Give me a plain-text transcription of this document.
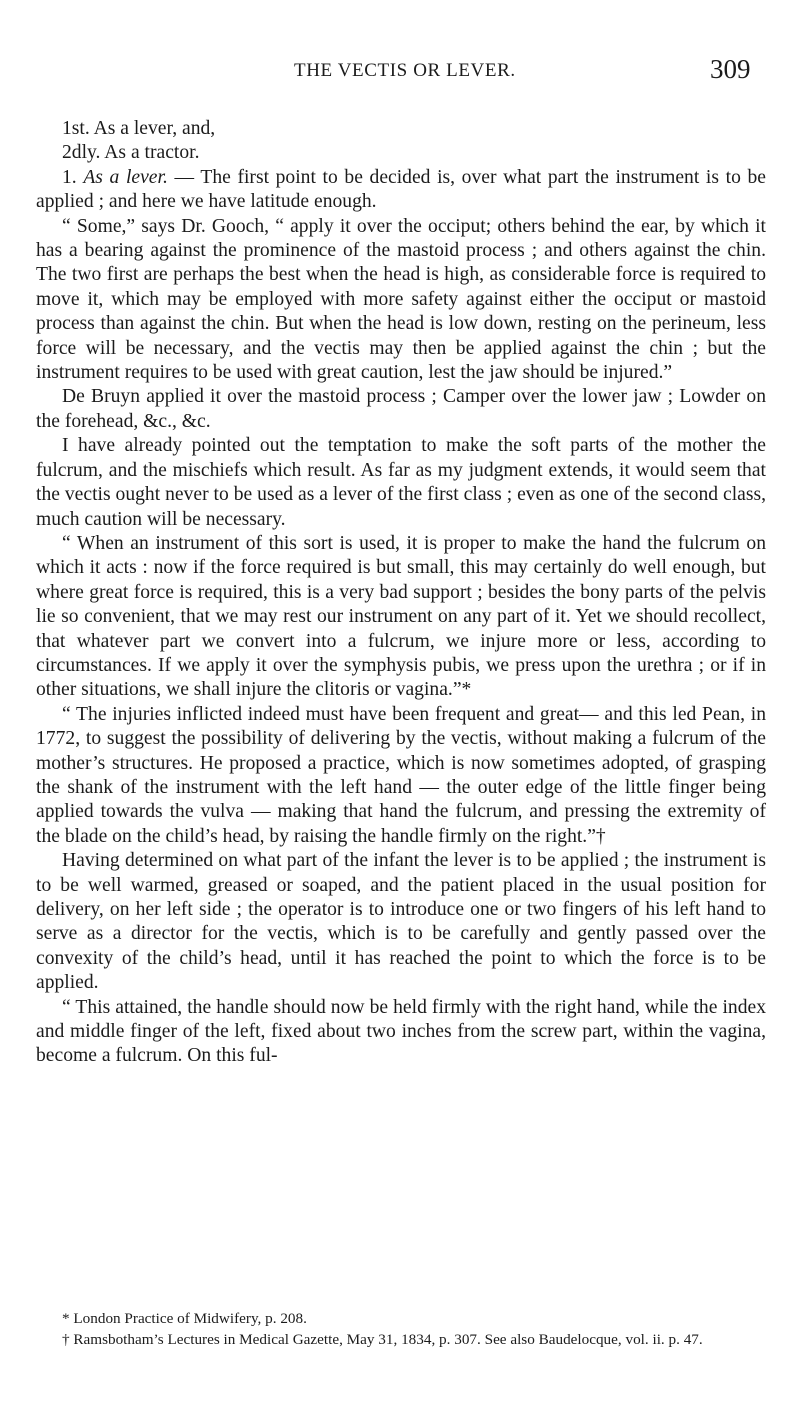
THE VECTIS OR LEVER.	309

1st. As a lever, and,

2dly. As a tractor.

1. As a lever. — The first point to be decided is, over what part the instrument is to be applied ; and here we have latitude enough.

“ Some,” says Dr. Gooch, “ apply it over the occiput; others behind the ear, by which it has a bearing against the prominence of the mastoid process ; and others against the chin. The two first are perhaps the best when the head is high, as considerable force is required to move it, which may be employed with more safety against either the occiput or mastoid process than against the chin. But when the head is low down, resting on the perineum, less force will be necessary, and the vectis may then be applied against the chin ; but the instrument requires to be used with great caution, lest the jaw should be injured.”

De Bruyn applied it over the mastoid process ; Camper over the lower jaw ; Lowder on the forehead, &c., &c.

I have already pointed out the temptation to make the soft parts of the mother the fulcrum, and the mischiefs which result. As far as my judgment extends, it would seem that the vectis ought never to be used as a lever of the first class ; even as one of the second class, much caution will be necessary.

“ When an instrument of this sort is used, it is proper to make the hand the fulcrum on which it acts : now if the force required is but small, this may certainly do well enough, but where great force is required, this is a very bad support ; besides the bony parts of the pelvis lie so convenient, that we may rest our instrument on any part of it. Yet we should recollect, that whatever part we convert into a fulcrum, we injure more or less, according to circumstances. If we apply it over the symphysis pubis, we press upon the urethra ; or if in other situations, we shall injure the clitoris or vagina.”*

“ The injuries inflicted indeed must have been frequent and great— and this led Pean, in 1772, to suggest the possibility of delivering by the vectis, without making a fulcrum of the mother’s structures. He proposed a practice, which is now sometimes adopted, of grasping the shank of the instrument with the left hand — the outer edge of the little finger being applied towards the vulva — making that hand the fulcrum, and pressing the extremity of the blade on the child’s head, by raising the handle firmly on the right.”†

Having determined on what part of the infant the lever is to be applied ; the instrument is to be well warmed, greased or soaped, and the patient placed in the usual position for delivery, on her left side ; the operator is to introduce one or two fingers of his left hand to serve as a director for the vectis, which is to be carefully and gently passed over the convexity of the child’s head, until it has reached the point to which the force is to be applied.

“ This attained, the handle should now be held firmly with the right hand, while the index and middle finger of the left, fixed about two inches from the screw part, within the vagina, become a fulcrum. On this ful-

* London Practice of Midwifery, p. 208.

† Ramsbotham’s Lectures in Medical Gazette, May 31, 1834, p. 307. See also Baudelocque, vol. ii. p. 47.
